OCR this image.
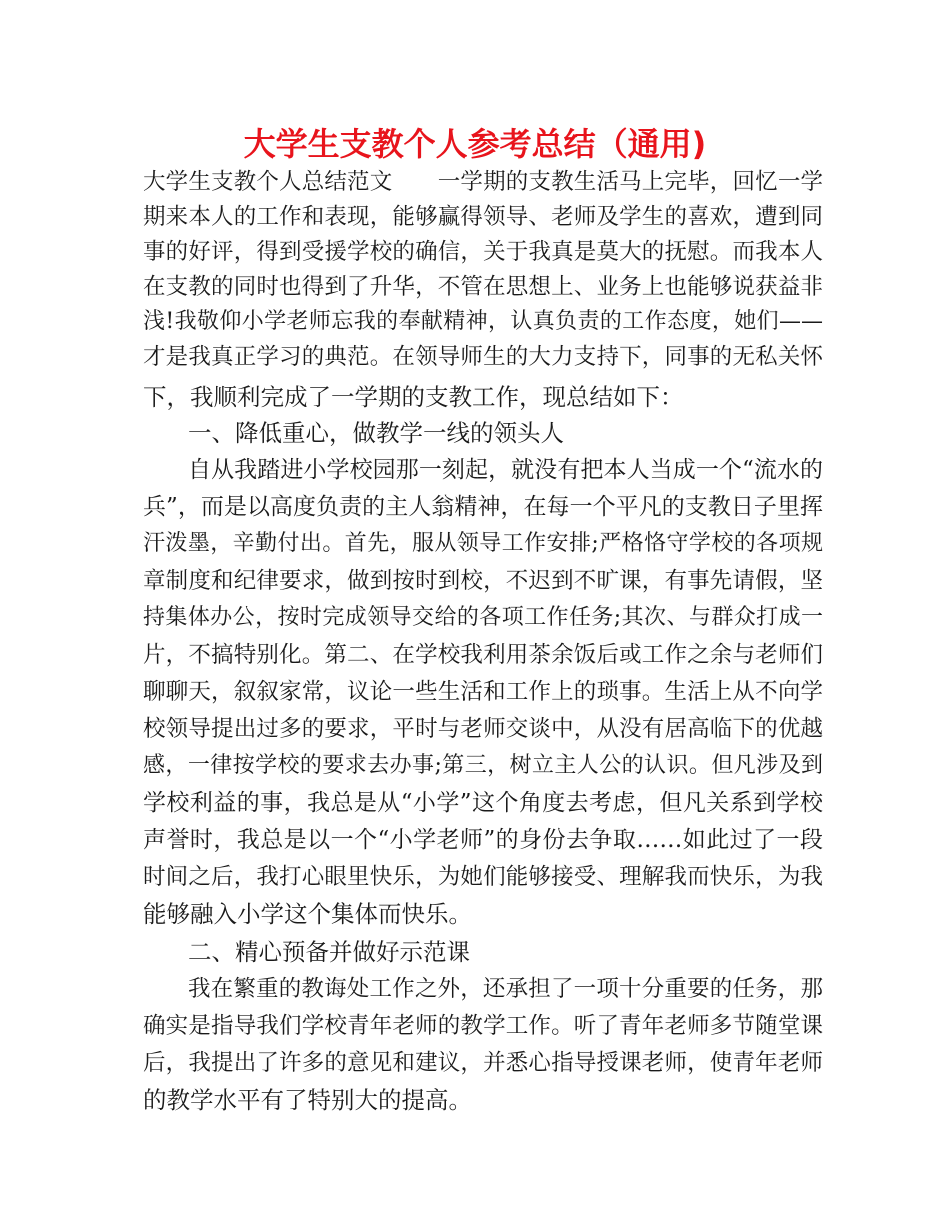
大学生支教个人参考总结（通用)
大学生支教个人总结范文　　一学期的支教生活马上完毕，回忆一学
期来本人的工作和表现，能够赢得领导、老师及学生的喜欢，遭到同
事的好评，得到受援学校的确信，关于我真是莫大的抚慰。而我本人
在支教的同时也得到了升华，不管在思想上、业务上也能够说获益非
浅!我敬仰小学老师忘我的奉献精神，认真负责的工作态度，她们——
才是我真正学习的典范。在领导师生的大力支持下，同事的无私关怀
下，我顺利完成了一学期的支教工作，现总结如下：
一、降低重心，做教学一线的领头人
自从我踏进小学校园那一刻起，就没有把本人当成一个“流水的
兵”，而是以高度负责的主人翁精神，在每一个平凡的支教日子里挥
汗泼墨，辛勤付出。首先，服从领导工作安排;严格恪守学校的各项规
章制度和纪律要求，做到按时到校，不迟到不旷课，有事先请假，坚
持集体办公，按时完成领导交给的各项工作任务;其次、与群众打成一
片，不搞特别化。第二、在学校我利用茶余饭后或工作之余与老师们
聊聊天，叙叙家常，议论一些生活和工作上的琐事。生活上从不向学
校领导提出过多的要求，平时与老师交谈中，从没有居高临下的优越
感，一律按学校的要求去办事;第三，树立主人公的认识。但凡涉及到
学校利益的事，我总是从“小学”这个角度去考虑，但凡关系到学校
声誉时，我总是以一个“小学老师”的身份去争取……如此过了一段
时间之后，我打心眼里快乐，为她们能够接受、理解我而快乐，为我
能够融入小学这个集体而快乐。
二、精心预备并做好示范课
我在繁重的教诲处工作之外，还承担了一项十分重要的任务，那
确实是指导我们学校青年老师的教学工作。听了青年老师多节随堂课
后，我提出了许多的意见和建议，并悉心指导授课老师，使青年老师
的教学水平有了特别大的提高。
